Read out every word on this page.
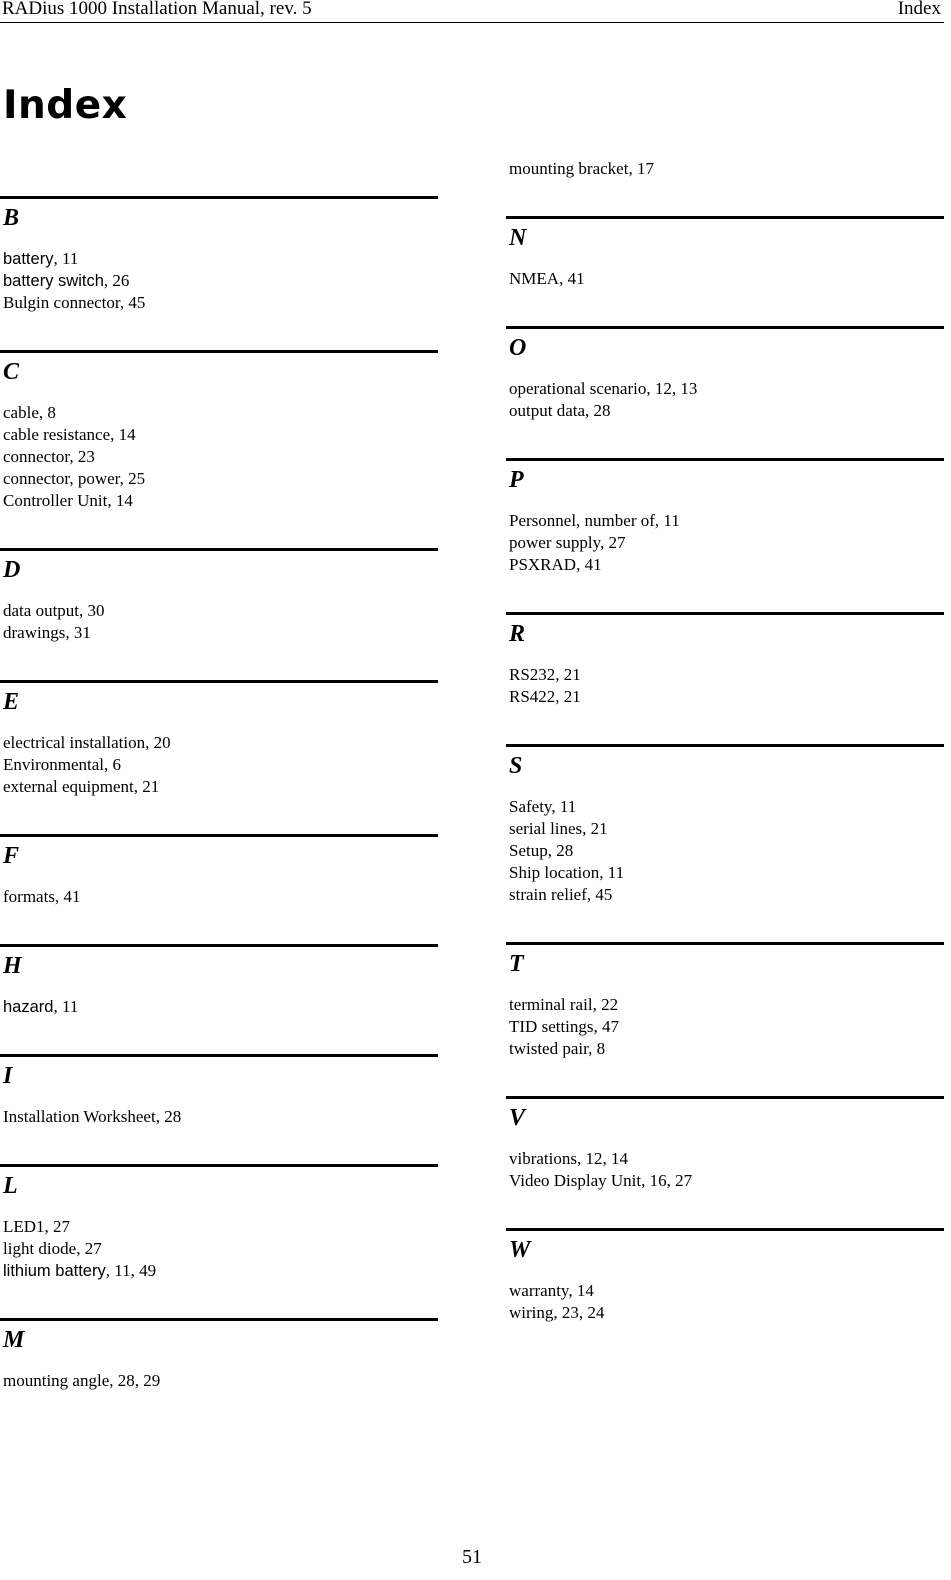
RADius 1000 Installation Manual, rev. 5	Index
Index
B
battery, 11
battery switch, 26
Bulgin connector, 45
C
cable, 8
cable resistance, 14
connector, 23
connector, power, 25
Controller Unit, 14
D
data output, 30
drawings, 31
E
electrical installation, 20
Environmental, 6
external equipment, 21
F
formats, 41
H
hazard, 11
I
Installation Worksheet, 28
L
LED1, 27
light diode, 27
lithium battery, 11, 49
M
mounting angle, 28, 29
mounting bracket, 17
N
NMEA, 41
O
operational scenario, 12, 13
output data, 28
P
Personnel, number of, 11
power supply, 27
PSXRAD, 41
R
RS232, 21
RS422, 21
S
Safety, 11
serial lines, 21
Setup, 28
Ship location, 11
strain relief, 45
T
terminal rail, 22
TID settings, 47
twisted pair, 8
V
vibrations, 12, 14
Video Display Unit, 16, 27
W
warranty, 14
wiring, 23, 24
51
